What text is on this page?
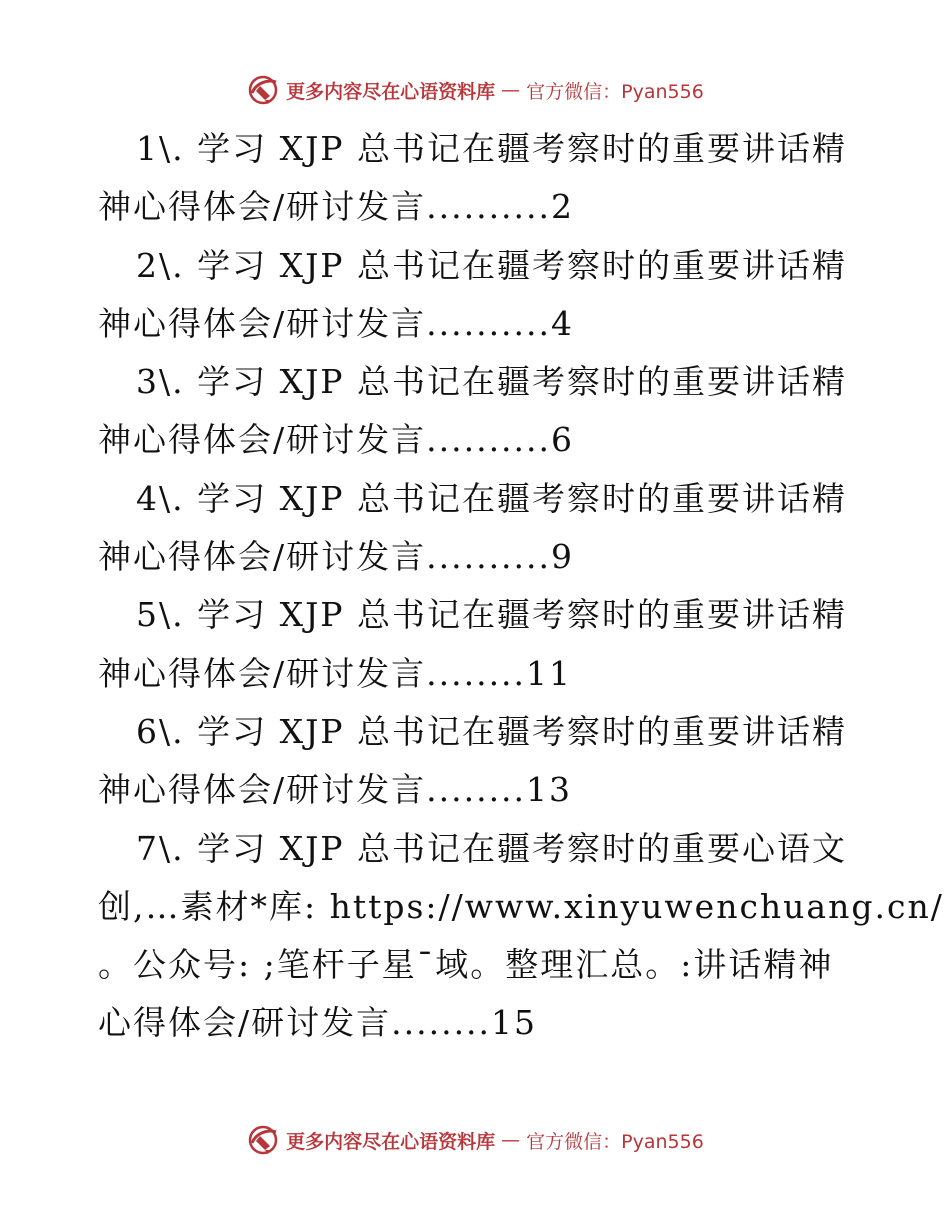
更多内容尽在心语资料库 — 官方微信：Pyan556
1\. 学习 XJP 总书记在疆考察时的重要讲话精
神心得体会/研讨发言..........2
2\. 学习 XJP 总书记在疆考察时的重要讲话精
神心得体会/研讨发言..........4
3\. 学习 XJP 总书记在疆考察时的重要讲话精
神心得体会/研讨发言..........6
4\. 学习 XJP 总书记在疆考察时的重要讲话精
神心得体会/研讨发言..........9
5\. 学习 XJP 总书记在疆考察时的重要讲话精
神心得体会/研讨发言........11
6\. 学习 XJP 总书记在疆考察时的重要讲话精
神心得体会/研讨发言........13
7\. 学习 XJP 总书记在疆考察时的重要心语文
创,…素材*库: https://www.xinyuwenchuang.cn/
。公众号: ;笔杆子星¯域。整理汇总。:讲话精神
心得体会/研讨发言........15
更多内容尽在心语资料库 — 官方微信：Pyan556
